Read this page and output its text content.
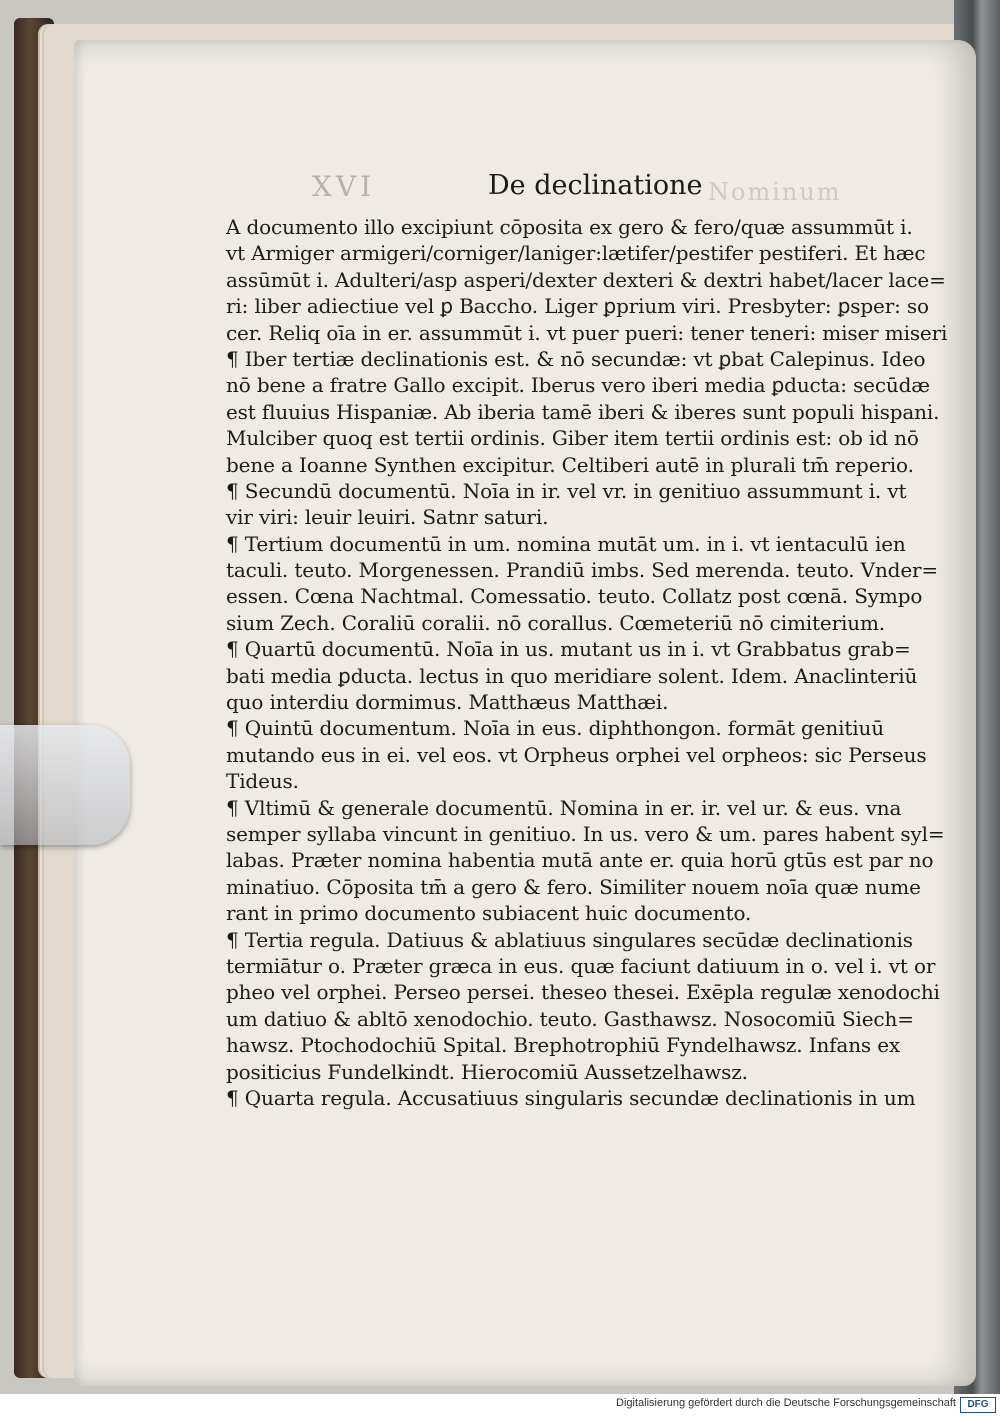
XVI	De declinatione Nominum
A documento illo excipiunt cōposita ex gero & fero/quæ assummūt i.
vt Armiger armigeri/corniger/laniger:lætifer/pestifer pestiferi. Et hæc
assūmūt i. Adulteri/asp asperi/dexter dexteri & dextri habet/lacer lace=
ri: liber adiectiue vel ꝑ Baccho. Liger ꝑprium viri. Presbyter: ꝑsper: so
cer. Reliq oīa in er. assummūt i. vt puer pueri: tener teneri: miser miseri
¶ Iber tertiæ declinationis est. & nō secundæ: vt ꝑbat Calepinus. Ideo
nō bene a fratre Gallo excipit. Iberus vero iberi media ꝑducta: secūdæ
est fluuius Hispaniæ. Ab iberia tamē iberi & iberes sunt populi hispani.
Mulciber quoq est tertii ordinis. Giber item tertii ordinis est: ob id nō
bene a Ioanne Synthen excipitur. Celtiberi autē in plurali tm̄ reperio.
¶ Secundū documentū. Noīa in ir. vel vr. in genitiuo assummunt i. vt
vir viri: leuir leuiri. Satnr saturi.
¶ Tertium documentū in um. nomina mutāt um. in i. vt ientaculū ien
taculi. teuto. Morgenessen. Prandiū imbs. Sed merenda. teuto. Vnder=
essen. Cœna Nachtmal. Comessatio. teuto. Collatz post cœnā. Sympo
sium Zech. Coraliū coralii. nō corallus. Cœmeteriū nō cimiterium.
¶ Quartū documentū. Noīa in us. mutant us in i. vt Grabbatus grab=
bati media ꝑducta. lectus in quo meridiare solent. Idem. Anaclinteriū
quo interdiu dormimus. Matthæus Matthæi.
¶ Quintū documentum. Noīa in eus. diphthongon. formāt genitiuū
mutando eus in ei. vel eos. vt Orpheus orphei vel orpheos: sic Perseus
Tideus.
¶ Vltimū & generale documentū. Nomina in er. ir. vel ur. & eus. vna
semper syllaba vincunt in genitiuo. In us. vero & um. pares habent syl=
labas. Præter nomina habentia mutā ante er. quia horū gtūs est par no
minatiuo. Cōposita tm̄ a gero & fero. Similiter nouem noīa quæ nume
rant in primo documento subiacent huic documento.
¶ Tertia regula. Datiuus & ablatiuus singulares secūdæ declinationis
termiātur o. Præter græca in eus. quæ faciunt datiuum in o. vel i. vt or
pheo vel orphei. Perseo persei. theseo thesei. Exēpla regulæ xenodochi
um datiuo & abltō xenodochio. teuto. Gasthawsz. Nosocomiū Siech=
hawsz. Ptochodochiū Spital. Brephotrophiū Fyndelhawsz. Infans ex
positicius Fundelkindt. Hierocomiū Aussetzelhawsz.
¶ Quarta regula. Accusatiuus singularis secundæ declinationis in um
Digitalisierung gefördert durch die Deutsche Forschungsgemeinschaft	DFG
